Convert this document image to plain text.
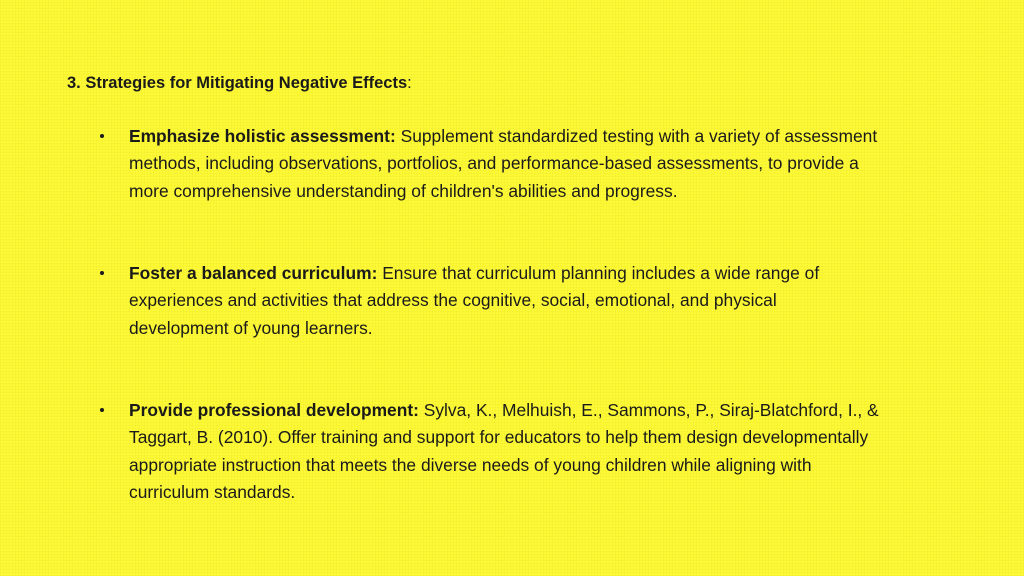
3. Strategies for Mitigating Negative Effects:
Emphasize holistic assessment: Supplement standardized testing with a variety of assessment methods, including observations, portfolios, and performance-based assessments, to provide a more comprehensive understanding of children's abilities and progress.
Foster a balanced curriculum: Ensure that curriculum planning includes a wide range of experiences and activities that address the cognitive, social, emotional, and physical development of young learners.
Provide professional development: Sylva, K., Melhuish, E., Sammons, P., Siraj-Blatchford, I., & Taggart, B. (2010). Offer training and support for educators to help them design developmentally appropriate instruction that meets the diverse needs of young children while aligning with curriculum standards.
